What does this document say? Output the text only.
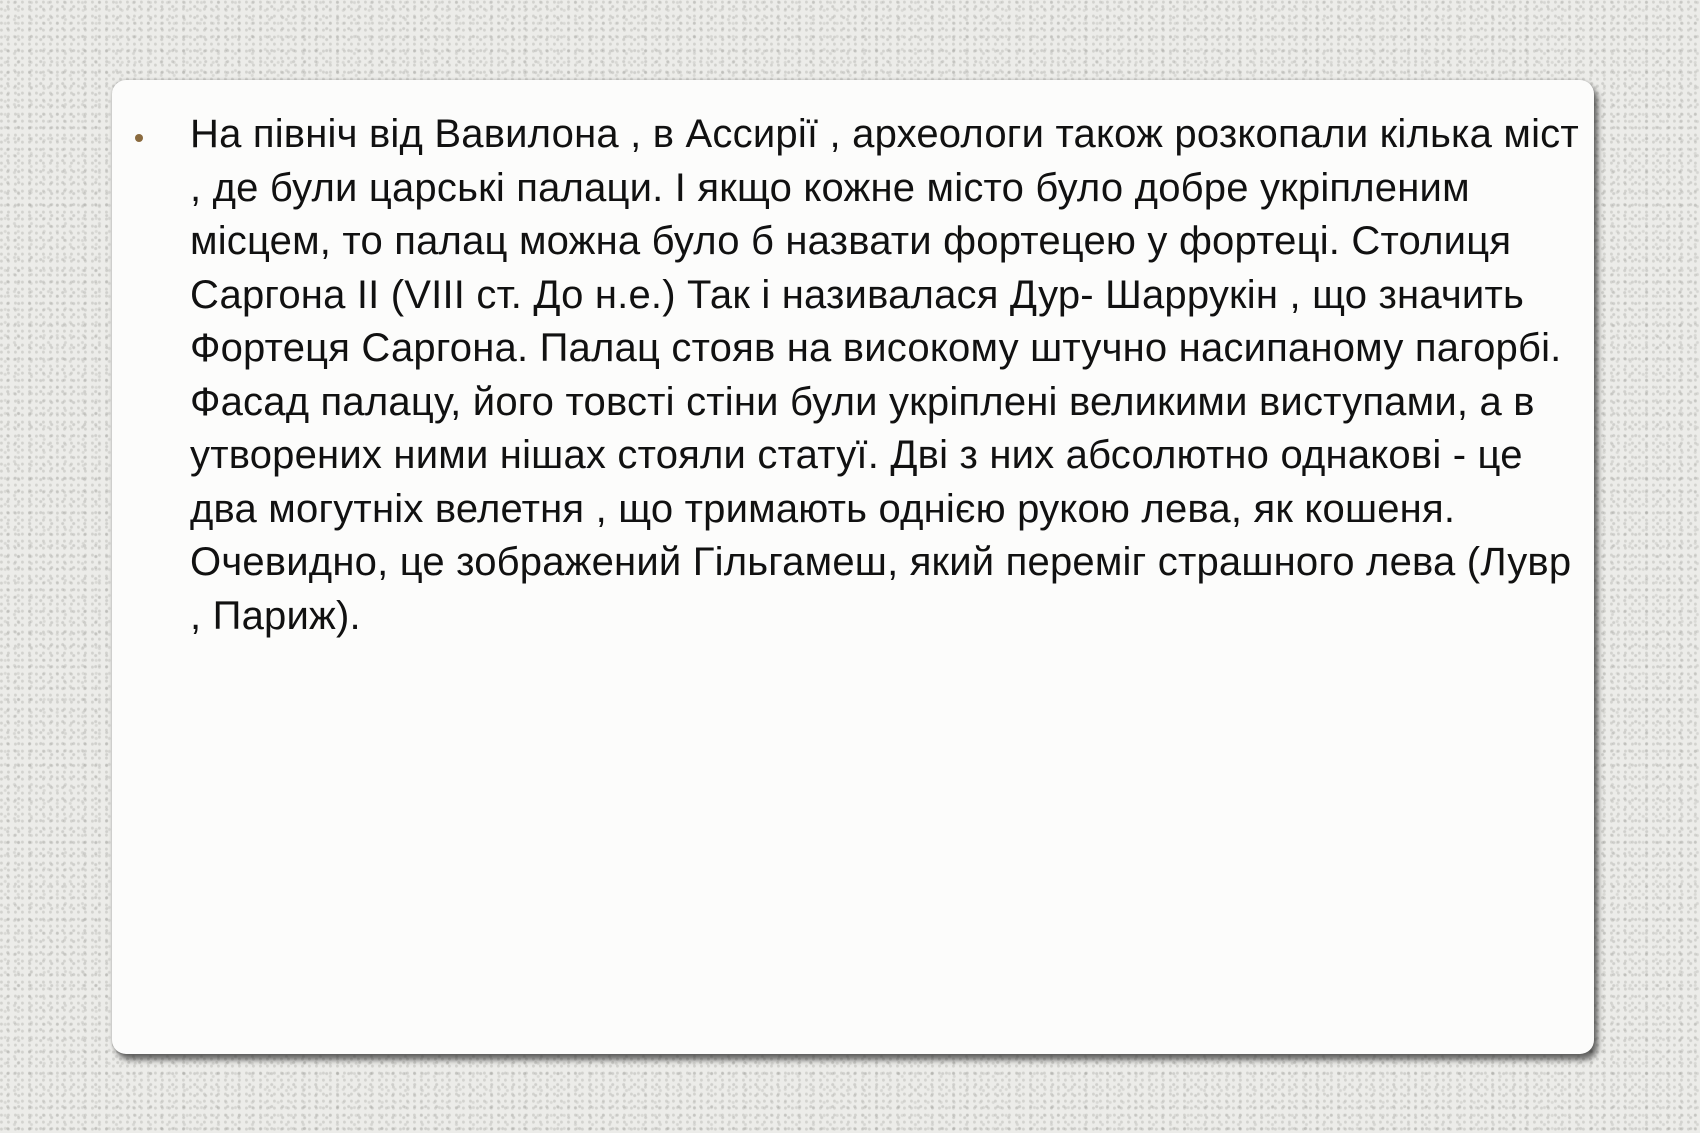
На північ від Вавилона , в Ассирії , археологи також розкопали кілька міст , де були царські палаци. І якщо кожне місто було добре укріпленим місцем, то палац можна було б назвати фортецею у фортеці. Столиця Саргона ІІ (VIII ст. До н.е.) Так і називалася Дур- Шаррукін , що значить Фортеця Саргона. Палац стояв на високому штучно насипаному пагорбі. Фасад палацу, його товсті стіни були укріплені великими виступами, а в утворених ними нішах стояли статуї. Дві з них абсолютно однакові - це два могутніх велетня , що тримають однією рукою лева, як кошеня. Очевидно, це зображений Гільгамеш, який переміг страшного лева (Лувр , Париж).
